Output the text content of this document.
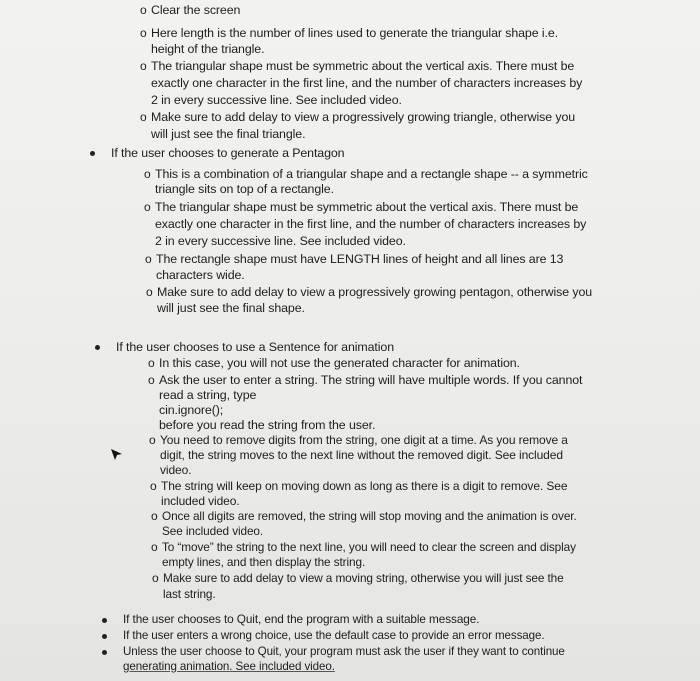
o Clear the screen
o Here length is the number of lines used to generate the triangular shape i.e.
height of the triangle.
o The triangular shape must be symmetric about the vertical axis. There must be
exactly one character in the first line, and the number of characters increases by
2 in every successive line. See included video.
o Make sure to add delay to view a progressively growing triangle, otherwise you
will just see the final triangle.
If the user chooses to generate a Pentagon
o This is a combination of a triangular shape and a rectangle shape -- a symmetric
triangle sits on top of a rectangle.
o The triangular shape must be symmetric about the vertical axis. There must be
exactly one character in the first line, and the number of characters increases by
2 in every successive line. See included video.
o The rectangle shape must have LENGTH lines of height and all lines are 13
characters wide.
o Make sure to add delay to view a progressively growing pentagon, otherwise you
will just see the final shape.
If the user chooses to use a Sentence for animation
o In this case, you will not use the generated character for animation.
o Ask the user to enter a string. The string will have multiple words. If you cannot
read a string, type
cin.ignore();
before you read the string from the user.
o You need to remove digits from the string, one digit at a time. As you remove a
digit, the string moves to the next line without the removed digit. See included
video.
o The string will keep on moving down as long as there is a digit to remove. See
included video.
o Once all digits are removed, the string will stop moving and the animation is over.
See included video.
o To “move” the string to the next line, you will need to clear the screen and display
empty lines, and then display the string.
o Make sure to add delay to view a moving string, otherwise you will just see the
last string.
If the user chooses to Quit, end the program with a suitable message.
If the user enters a wrong choice, use the default case to provide an error message.
Unless the user choose to Quit, your program must ask the user if they want to continue
generating animation. See included video.
